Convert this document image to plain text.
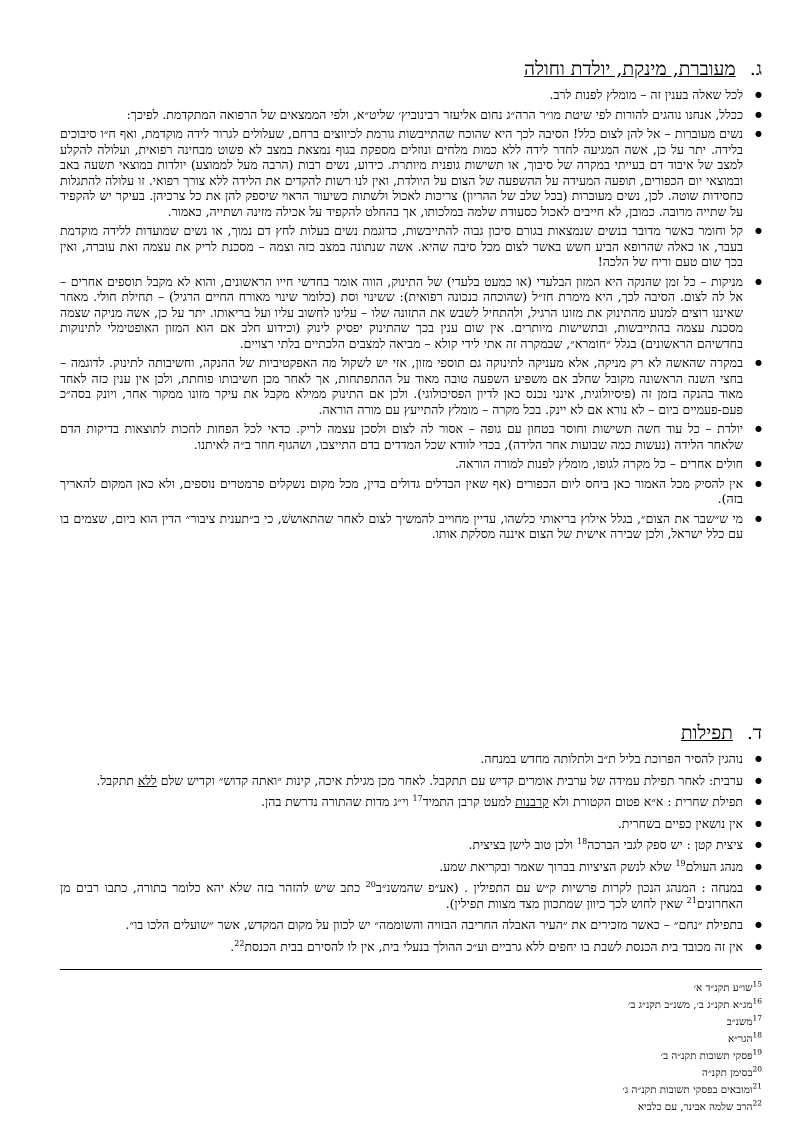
ג.
מעוברת, מינקת, יולדת וחולה
● לכל שאלה בענין זה – מומלץ לפנות לרב.
● ככלל, אנחנו נוהגים להורות לפי שיטת מו״ר הרה״ג נחום אליעזר רבינוביץ׳ שליט״א, ולפי הממצאים של הרפואה המתקדמת. לפיכך:
● נשים מעוברות – אל להן לצום כלל! הסיבה לכך היא שהוכח שהתייבשות גורמת לכיווצים ברחם, שעלולים לגרור לידה מוקדמת, ואף ח״ו סיבוכים בלידה. יתר על כן, אשה המגיעה לחדר לידה ללא כמות מלחים ונוזלים מספקת בגוף נמצאת במצב לא פשוט מבחינה רפואית, ועלולה להקלע למצב של איבוד דם בעייתי במקרה של סיבוך, או תשישות גופנית מיותרת. כידוע, נשים רבות (הרבה מעל לממוצע) יולדות במוצאי תשעה באב ובמוצאי יום הכפורים, תופעה המעידה על ההשפעה של הצום על היולדת, ואין לנו רשות להקדים את הלידה ללא צורך רפואי. זו עלולה להתגלות כחסידות שוטה. לכן, נשים מעוברות (בכל שלב של ההריון) צריכות לאכול ולשתות כשיעור הראוי שיספק להן את כל צרכיהן. בעיקר יש להקפיד על שתייה מרובה. כמובן, לא חייבים לאכול כסעודת שלמה במלכותו, אך בהחלט להקפיד על אכילה מזינה ושתייה, כאמור.
● קל וחומר כאשר מדובר בנשים שנמצאות בגורם סיכון גבוה להתייבשות, כדוגמת נשים בעלות לחץ דם נמוך, או נשים שמועדות ללידה מוקדמת בעבר, או כאלה שהרופא הביע חשש באשר לצום מכל סיבה שהיא. אשה שנתונה במצב כזה וצמה – מסכנת לריק את עצמה ואת עוברה, ואין בכך שום טעם וריח של הלכה!
● מניקות – כל זמן שהנקה היא המזון הבלעדי (או כמעט בלעדי) של התינוק, הווה אומר בחדשי חייו הראשונים, והוא לא מקבל תוספים אחרים – אל לה לצום. הסיבה לכך, היא מימרת חז״ל (שהוכחה כנכונה רפואית): ששינוי וסת (כלומר שינוי מאורח החיים הרגיל) – תחילת חולי. מאחר שאיננו רוצים למנוע מהתינוק את מזונו הרגיל, ולהתחיל לשבש את התזונה שלו – עלינו לחשוב עליו ועל בריאותו. יתר על כן, אשה מניקה שצמה מסכנת עצמה בהתייבשות, ובתשישות מיותרים. אין שום ענין בכך שהתינוק יפסיק לינוק (וכידוע חלב אם הוא המזון האופטימלי לתינוקות בחדשיהם הראשונים) בגלל ״חומרא״, שבמקרה זה אתי לידי קולא – מביאה למצבים הלכתיים בלתי רצויים.
● במקרה שהאשה לא רק מניקה, אלא מעניקה לתינוקה גם תוספי מזון, אזי יש לשקול מה האפקטיביות של ההנקה, וחשיבותה לתינוק. לדוגמה – בחצי השנה הראשונה מקובל שחלב אם משפיע השפעה טובה מאוד על ההתפתחות, אך לאחר מכן חשיבותו פוחתת, ולכן אין ענין כזה לאחד מאוד בהנקה בזמן זה (פיסיולוגית, אינני נכנס כאן לדיון הפסיכולוגי). ולכן אם התינוק ממילא מקבל את עיקר מזונו ממקור אחר, ויונק בסה״כ פעם-פעמיים ביום – לא נורא אם לא יינק. בכל מקרה – מומלץ להתייעץ עם מורה הוראה.
● יולדת – כל עוד חשה תשישות וחוסר בטחון עם גופה – אסור לה לצום ולסכן עצמה לריק. כדאי לכל הפחות לחכות לתוצאות בדיקות הדם שלאחר הלידה (נעשות כמה שבועות אחר הלידה), בכדי לוודא שכל המדדים בדם התייצבו, ושהגוף חוזר ב״ה לאיתנו.
● חולים אחרים – כל מקרה לגופו, מומלץ לפנות למורה הוראה.
● אין להסיק מכל האמור כאן ביחס ליום הכפורים (אף שאין הבדלים גדולים בדין, מכל מקום נשקלים פרמטרים נוספים, ולא כאן המקום להאריך בזה).
● מי ש״שבר את הצום״, בגלל אילוץ בריאותי כלשהו, עדיין מחוייב להמשיך לצום לאחר שהתאוששׁ, כי ב״תענית ציבור״ הדין הוא ביום, שצמים בו עם כלל ישראל, ולכן שבירה אישית של הצום איננה מסלקת אותו.
ד.
תפילות
● נוהגין להסיר הפרוכת בליל ת״ב ולתלותה מחדש במנחה.
● ערבית: לאחר תפילת עמידה של ערבית אומרים קדיש עם תתקבל. לאחר מכן מגילת איכה, קינות ״ואתה קדוש״ וקדיש שלם ללא תתקבל.
● תפילת שחרית : א״א פטום הקטורת ולא קרבנות למעט קרבן התמיד$^{17}$ וי״ג מדות שהתורה נדרשת בהן.
● אין נושאין כפיים בשחרית.
● ציצית קטן : יש ספק לגבי הברכה$^{18}$ ולכן טוב לישן בציצית.
● מנהג העולם$^{19}$ שלא לנשק הציציות בברוך שאמר ובקריאת שמע.
● במנחה : המנהג הנכון לקרות פרשיות ק״ש עם התפילין . (אע״פ שהמשנ״ב$^{20}$ כתב שיש להזהר בזה שלא יהא כלומר בתורה, כתבו רבים מן האחרונים$^{21}$ שאין לחוש לכך כיוון שמתכוון מצד מצוות תפילין).
● בתפילת ״נחם״ – כאשר מזכירים את ״העיר האבלה החריבה הבזויה והשוממה״ יש לכוון על מקום המקדש, אשר ״שועלים הלכו בו״.
● אין זה מכובד בית הכנסת לשבת בו יחפים ללא גרביים וע״כ ההולך בנעלי בית, אין לו להסירם בבית הכנסת$^{22}$.
$^{15}$שו״ע תקנ״ד א׳
$^{16}$מג״א תקנ״ג ב׳, משנ״ב תקנ״ג ב׳
$^{17}$משנ״ב
$^{18}$הגר״א
$^{19}$פסקי תשובות תקנ״ה ב׳
$^{20}$בסימן תקנ״ה
$^{21}$ומובאים בפסקי תשובות תקנ״ה ג׳
$^{22}$הרב שלמה אבינר, עם כלביא
